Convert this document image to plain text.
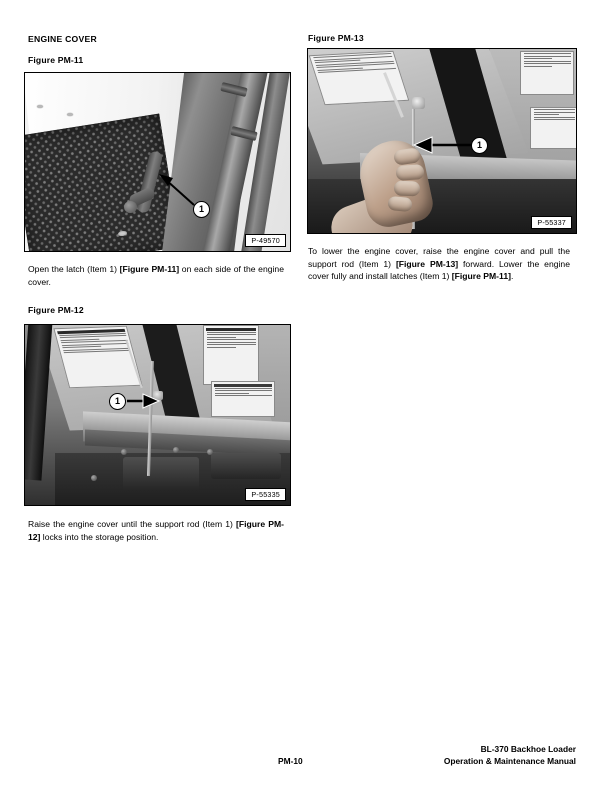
ENGINE COVER
Figure PM-11
1
P-49570
Open the latch (Item 1) [Figure PM-11] on each side of the engine cover.
Figure PM-12
1
P-55335
Raise the engine cover until the support rod (Item 1) [Figure PM-12] locks into the storage position.
Figure PM-13
1
P-55337
To lower the engine cover, raise the engine cover and pull the support rod (Item 1) [Figure PM-13] forward. Lower the engine cover fully and install latches (Item 1) [Figure PM-11].
PM-10
BL-370 Backhoe Loader
Operation & Maintenance Manual
